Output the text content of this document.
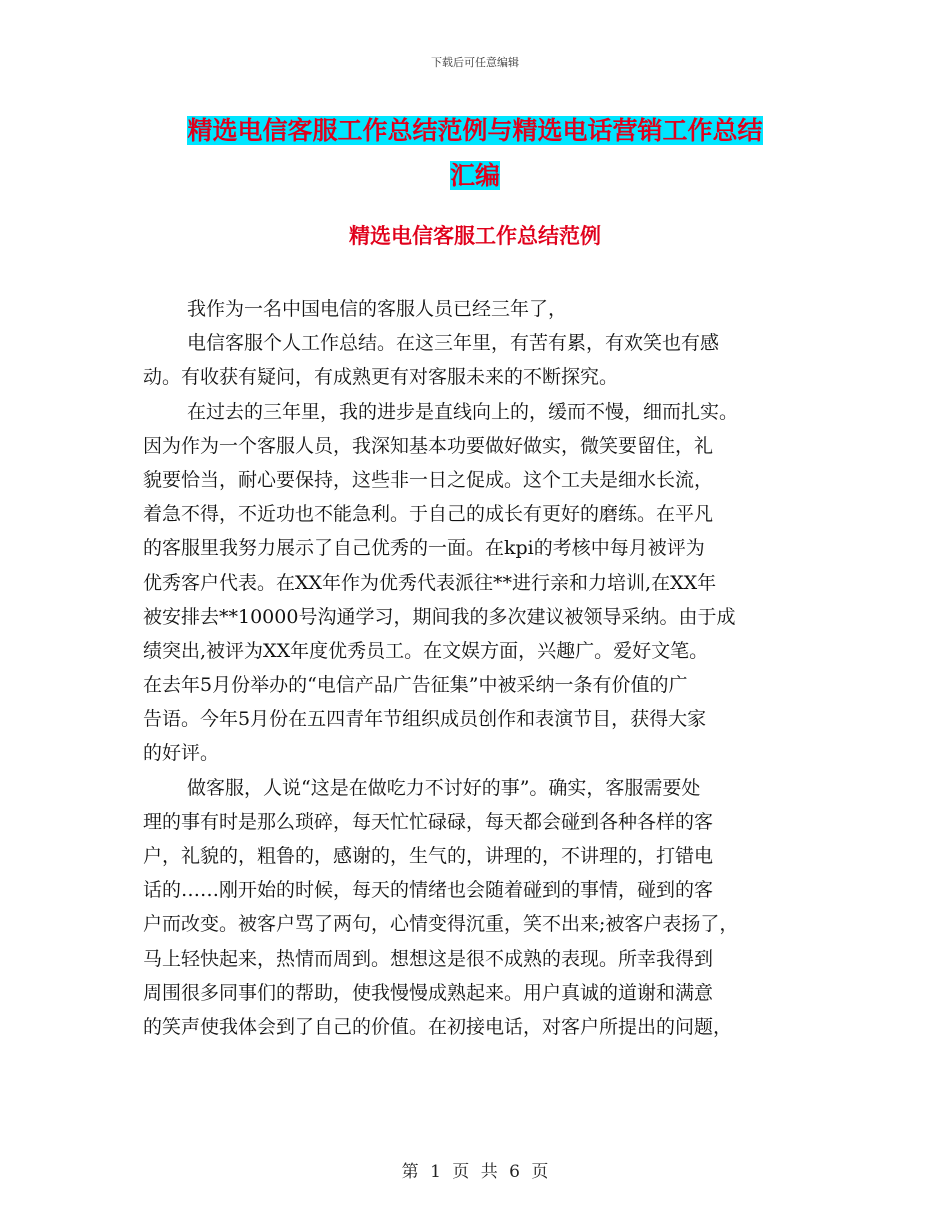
下载后可任意编辑
精选电信客服工作总结范例与精选电话营销工作总结
汇编
精选电信客服工作总结范例
我作为一名中国电信的客服人员已经三年了，
电信客服个人工作总结。在这三年里，有苦有累，有欢笑也有感
动。有收获有疑问，有成熟更有对客服未来的不断探究。
在过去的三年里，我的进步是直线向上的，缓而不慢，细而扎实。
因为作为一个客服人员，我深知基本功要做好做实，微笑要留住，礼
貌要恰当，耐心要保持，这些非一日之促成。这个工夫是细水长流，
着急不得，不近功也不能急利。于自己的成长有更好的磨练。在平凡
的客服里我努力展示了自己优秀的一面。在kpi的考核中每月被评为
优秀客户代表。在XX年作为优秀代表派往**进行亲和力培训,在XX年
被安排去**10000号沟通学习，期间我的多次建议被领导采纳。由于成
绩突出,被评为XX年度优秀员工。在文娱方面，兴趣广。爱好文笔。
在去年5月份举办的“电信产品广告征集”中被采纳一条有价值的广
告语。今年5月份在五四青年节组织成员创作和表演节目，获得大家
的好评。
做客服，人说“这是在做吃力不讨好的事”。确实，客服需要处
理的事有时是那么琐碎，每天忙忙碌碌，每天都会碰到各种各样的客
户，礼貌的，粗鲁的，感谢的，生气的，讲理的，不讲理的，打错电
话的……刚开始的时候，每天的情绪也会随着碰到的事情，碰到的客
户而改变。被客户骂了两句，心情变得沉重，笑不出来;被客户表扬了，
马上轻快起来，热情而周到。想想这是很不成熟的表现。所幸我得到
周围很多同事们的帮助，使我慢慢成熟起来。用户真诚的道谢和满意
的笑声使我体会到了自己的价值。在初接电话，对客户所提出的问题，
第 1 页 共 6 页
